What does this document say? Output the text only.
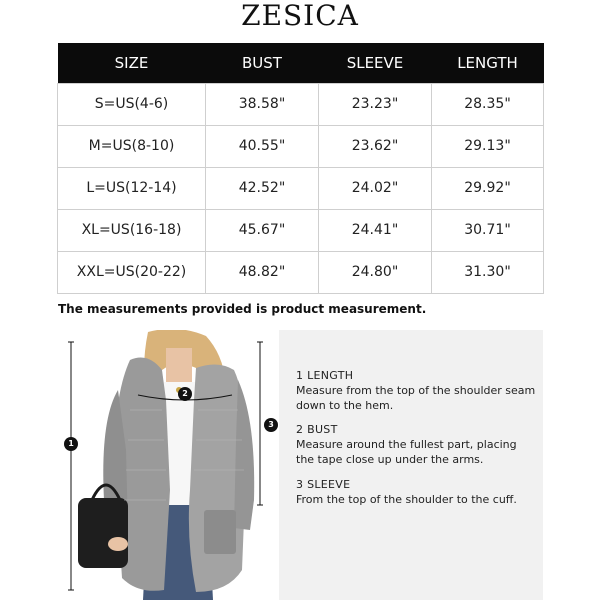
ZESICA
SIZE	BUST	SLEEVE	LENGTH
S=US(4-6)	38.58"	23.23"	28.35"
M=US(8-10)	40.55"	23.62"	29.13"
L=US(12-14)	42.52"	24.02"	29.92"
XL=US(16-18)	45.67"	24.41"	30.71"
XXL=US(20-22)	48.82"	24.80"	31.30"
The measurements provided is product measurement.
1
2
3
1 LENGTH
Measure from the top of the shoulder seam down to the hem.
2 BUST
Measure around the fullest part, placing the tape close up under the arms.
3 SLEEVE
From the top of the shoulder to the cuff.
